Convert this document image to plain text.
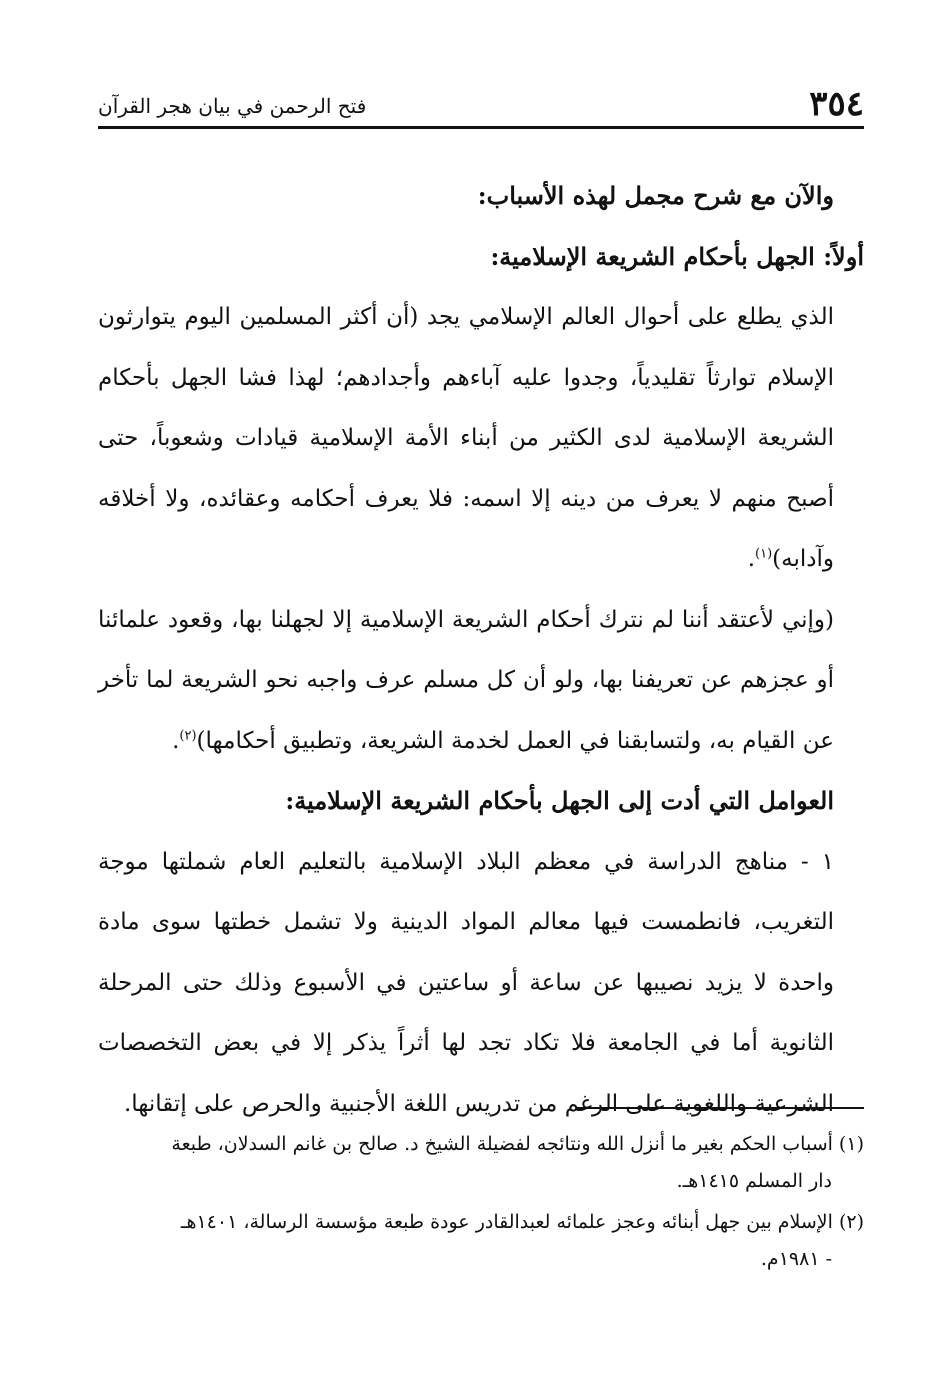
٣٥٤
فتح الرحمن في بيان هجر القرآن

والآن مع شرح مجمل لهذه الأسباب:

أولاً: الجهل بأحكام الشريعة الإسلامية:

الذي يطلع على أحوال العالم الإسلامي يجد (أن أكثر المسلمين اليوم يتوارثون الإسلام توارثاً تقليدياً، وجدوا عليه آباءهم وأجدادهم؛ لهذا فشا الجهل بأحكام الشريعة الإسلامية لدى الكثير من أبناء الأمة الإسلامية قيادات وشعوباً، حتى أصبح منهم لا يعرف من دينه إلا اسمه: فلا يعرف أحكامه وعقائده، ولا أخلاقه وآدابه)$^{(١)}$.

(وإني لأعتقد أننا لم نترك أحكام الشريعة الإسلامية إلا لجهلنا بها، وقعود علمائنا أو عجزهم عن تعريفنا بها، ولو أن كل مسلم عرف واجبه نحو الشريعة لما تأخر عن القيام به، ولتسابقنا في العمل لخدمة الشريعة، وتطبيق أحكامها)$^{(٢)}$.

العوامل التي أدت إلى الجهل بأحكام الشريعة الإسلامية:

١ - مناهج الدراسة في معظم البلاد الإسلامية بالتعليم العام شملتها موجة التغريب، فانطمست فيها معالم المواد الدينية ولا تشمل خطتها سوى مادة واحدة لا يزيد نصيبها عن ساعة أو ساعتين في الأسبوع وذلك حتى المرحلة الثانوية أما في الجامعة فلا تكاد تجد لها أثراً يذكر إلا في بعض التخصصات الشرعية واللغوية على الرغم من تدريس اللغة الأجنبية والحرص على إتقانها.

(١) أسباب الحكم بغير ما أنزل الله ونتائجه لفضيلة الشيخ د. صالح بن غانم السدلان، طبعة
دار المسلم ١٤١٥هـ.
(٢) الإسلام بين جهل أبنائه وعجز علمائه لعبدالقادر عودة طبعة مؤسسة الرسالة، ١٤٠١هـ
- ١٩٨١م.
